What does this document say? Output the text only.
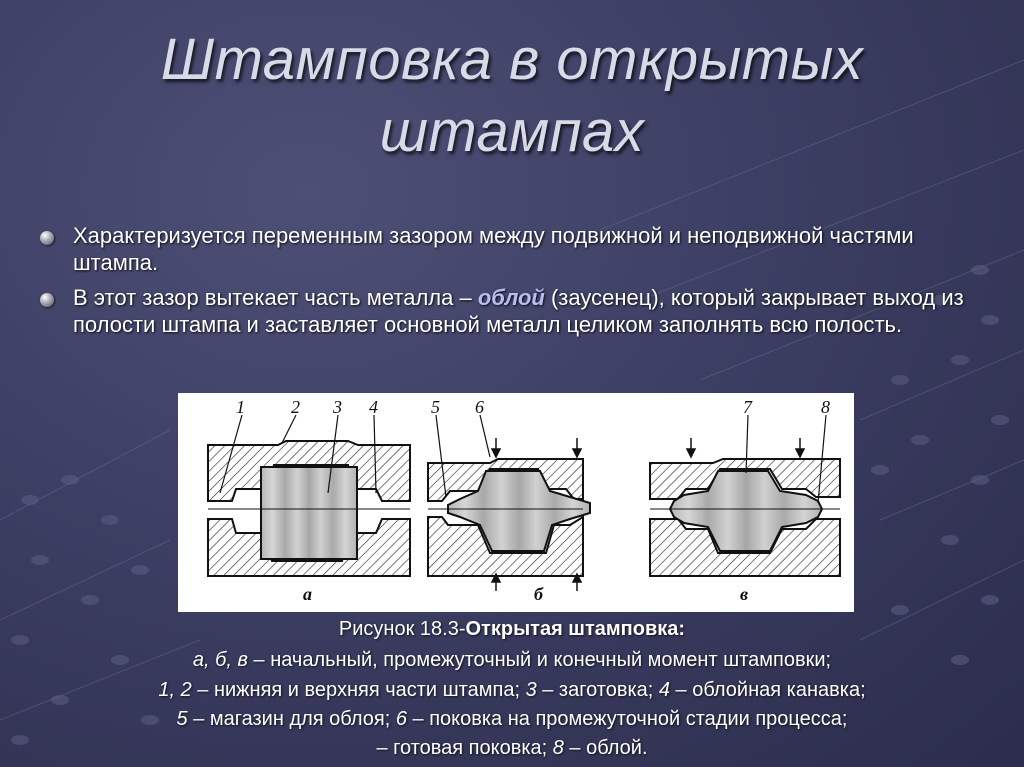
Штамповка в открытых
штампах
Характеризуется переменным зазором между подвижной и неподвижной частями штампа.
В этот зазор вытекает часть металла – облой (заусенец), который закрывает выход из полости штампа и заставляет основной металл целиком заполнять всю полость.
1	2 3 4	5 6	7	8
а	б	в
Рисунок 18.3-Открытая штамповка:
а, б, в – начальный, промежуточный и конечный момент штамповки;
1, 2 – нижняя и верхняя части штампа; 3 – заготовка; 4 – облойная канавка;
5 – магазин для облоя; 6 – поковка на промежуточной стадии процесса;
– готовая поковка; 8 – облой.
